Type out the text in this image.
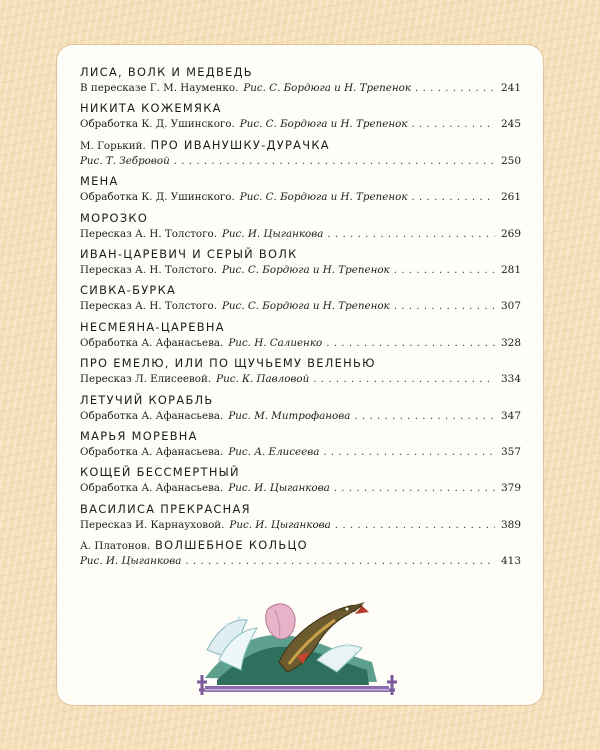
ЛИСА, ВОЛК И МЕДВЕДЬ
В пересказе Г. М. Науменко. Рис. С. Бордюга и Н. Трепенок . . .	241
НИКИТА КОЖЕМЯКА
Обработка К. Д. Ушинского. Рис. С. Бордюга и Н. Трепенок . . .	245
М. Горький. ПРО ИВАНУШКУ-ДУРАЧКА
Рис. Т. Зебровой . . .	250
МЕНА
Обработка К. Д. Ушинского. Рис. С. Бордюга и Н. Трепенок . . .	261
МОРОЗКО
Пересказ А. Н. Толстого. Рис. И. Цыганкова . . .	269
ИВАН-ЦАРЕВИЧ И СЕРЫЙ ВОЛК
Пересказ А. Н. Толстого. Рис. С. Бордюга и Н. Трепенок . . .	281
СИВКА-БУРКА
Пересказ А. Н. Толстого. Рис. С. Бордюга и Н. Трепенок . . .	307
НЕСМЕЯНА-ЦАРЕВНА
Обработка А. Афанасьева. Рис. Н. Салиенко . . .	328
ПРО ЕМЕЛЮ, ИЛИ ПО ЩУЧЬЕМУ ВЕЛЕНЬЮ
Пересказ Л. Елисеевой. Рис. К. Павловой . . .	334
ЛЕТУЧИЙ КОРАБЛЬ
Обработка А. Афанасьева. Рис. М. Митрофанова . . .	347
МАРЬЯ МОРЕВНА
Обработка А. Афанасьева. Рис. А. Елисеева . . .	357
КОЩЕЙ БЕССМЕРТНЫЙ
Обработка А. Афанасьева. Рис. И. Цыганкова . . .	379
ВАСИЛИСА ПРЕКРАСНАЯ
Пересказ И. Карнауховой. Рис. И. Цыганкова . . .	389
А. Платонов. ВОЛШЕБНОЕ КОЛЬЦО
Рис. И. Цыганкова . . .	413
